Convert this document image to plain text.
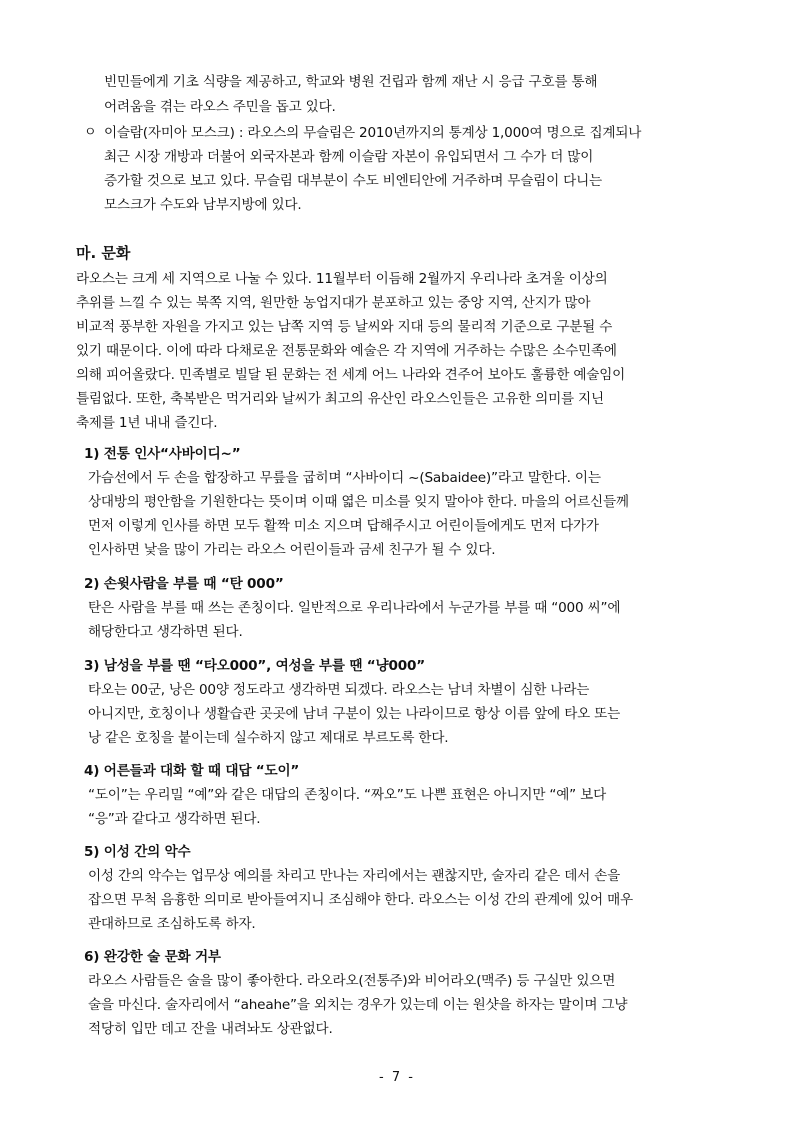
빈민들에게 기초 식량을 제공하고, 학교와 병원 건립과 함께 재난 시 응급 구호를 통해
어려움을 겪는 라오스 주민을 돕고 있다.
ㅇ 이슬람(자미아 모스크) : 라오스의 무슬림은 2010년까지의 통계상 1,000여 명으로 집계되나
최근 시장 개방과 더불어 외국자본과 함께 이슬람 자본이 유입되면서 그 수가 더 많이
증가할 것으로 보고 있다. 무슬림 대부분이 수도 비엔티안에 거주하며 무슬림이 다니는
모스크가 수도와 남부지방에 있다.
마. 문화
라오스는 크게 세 지역으로 나눌 수 있다. 11월부터 이듬해 2월까지 우리나라 초겨울 이상의
추위를 느낄 수 있는 북쪽 지역, 원만한 농업지대가 분포하고 있는 중앙 지역, 산지가 많아
비교적 풍부한 자원을 가지고 있는 남쪽 지역 등 날씨와 지대 등의 물리적 기준으로 구분될 수
있기 때문이다. 이에 따라 다채로운 전통문화와 예술은 각 지역에 거주하는 수많은 소수민족에
의해 피어올랐다. 민족별로 빌달 된 문화는 전 세계 어느 나라와 견주어 보아도 훌륭한 예술임이
틀림없다. 또한, 축복받은 먹거리와 날씨가 최고의 유산인 라오스인들은 고유한 의미를 지닌
축제를 1년 내내 즐긴다.
1) 전통 인사“사바이디~”
가슴선에서 두 손을 합장하고 무릎을 굽히며 “사바이디 ~(Sabaidee)”라고 말한다. 이는
상대방의 평안함을 기원한다는 뜻이며 이때 엷은 미소를 잊지 말아야 한다. 마을의 어르신들께
먼저 이렇게 인사를 하면 모두 활짝 미소 지으며 답해주시고 어린이들에게도 먼저 다가가
인사하면 낯을 많이 가리는 라오스 어린이들과 금세 친구가 될 수 있다.
2) 손윗사람을 부를 때 “탄 000”
탄은 사람을 부를 때 쓰는 존칭이다. 일반적으로 우리나라에서 누군가를 부를 때 “000 씨”에
해당한다고 생각하면 된다.
3) 남성을 부를 땐 “타오000”, 여성을 부를 땐 “냥000”
타오는 00군, 낭은 00양 정도라고 생각하면 되겠다. 라오스는 남녀 차별이 심한 나라는
아니지만, 호칭이나 생활습관 곳곳에 남녀 구분이 있는 나라이므로 항상 이름 앞에 타오 또는
낭 같은 호칭을 붙이는데 실수하지 않고 제대로 부르도록 한다.
4) 어른들과 대화 할 때 대답 “도이”
“도이”는 우리밀 “예”와 같은 대답의 존칭이다. “짜오”도 나쁜 표현은 아니지만 “예” 보다
“응”과 같다고 생각하면 된다.
5) 이성 간의 악수
이성 간의 악수는 업무상 예의를 차리고 만나는 자리에서는 괜찮지만, 술자리 같은 데서 손을
잡으면 무척 음흉한 의미로 받아들여지니 조심해야 한다. 라오스는 이성 간의 관계에 있어 매우
관대하므로 조심하도록 하자.
6) 완강한 술 문화 거부
라오스 사람들은 술을 많이 좋아한다. 라오라오(전통주)와 비어라오(맥주) 등 구실만 있으면
술을 마신다. 술자리에서 “aheahe”을 외치는 경우가 있는데 이는 원샷을 하자는 말이며 그냥
적당히 입만 데고 잔을 내려놔도 상관없다.
- 7 -
